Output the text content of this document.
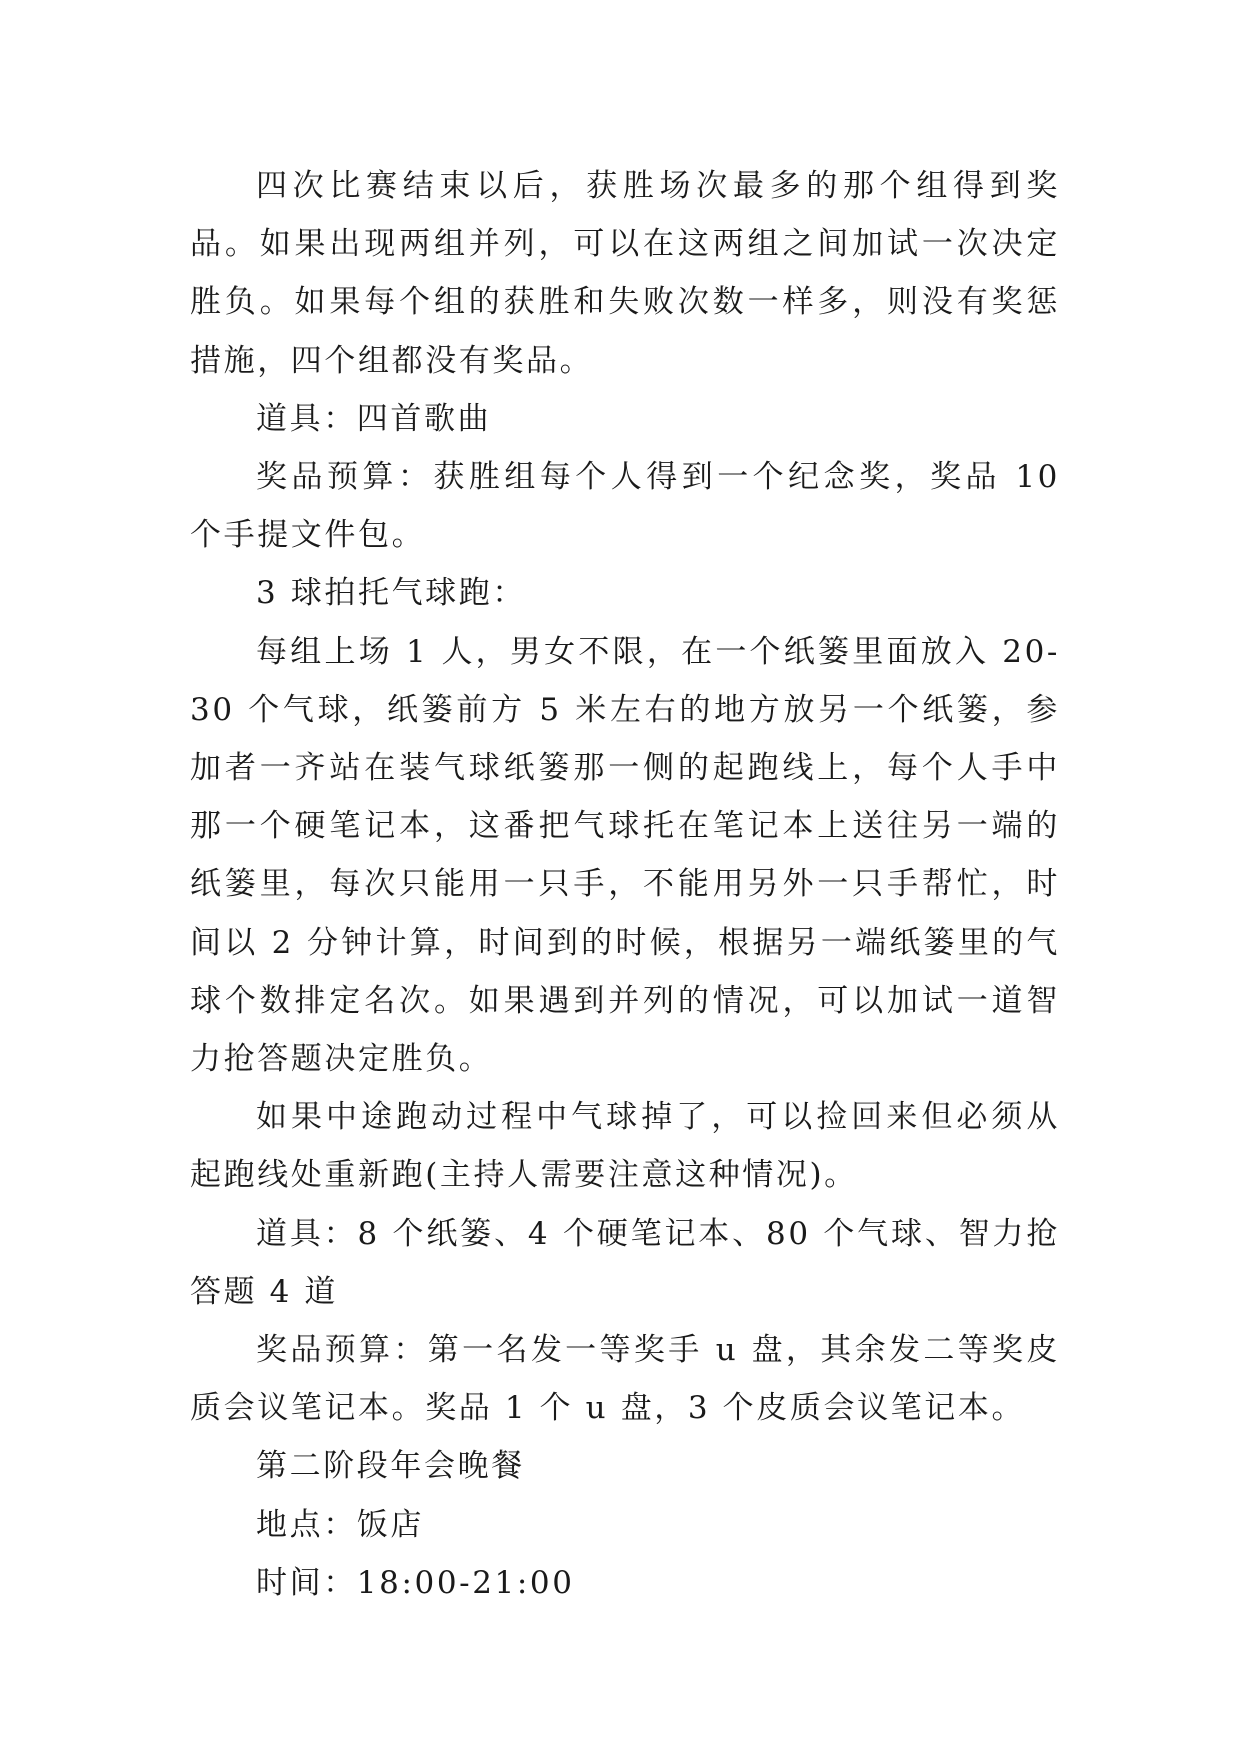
四次比赛结束以后，获胜场次最多的那个组得到奖品。如果出现两组并列，可以在这两组之间加试一次决定胜负。如果每个组的获胜和失败次数一样多，则没有奖惩措施，四个组都没有奖品。

道具：四首歌曲

奖品预算：获胜组每个人得到一个纪念奖，奖品 10 个手提文件包。

3 球拍托气球跑：

每组上场 1 人，男女不限，在一个纸篓里面放入 20-30 个气球，纸篓前方 5 米左右的地方放另一个纸篓，参加者一齐站在装气球纸篓那一侧的起跑线上，每个人手中那一个硬笔记本，这番把气球托在笔记本上送往另一端的纸篓里，每次只能用一只手，不能用另外一只手帮忙，时间以 2 分钟计算，时间到的时候，根据另一端纸篓里的气球个数排定名次。如果遇到并列的情况，可以加试一道智力抢答题决定胜负。

如果中途跑动过程中气球掉了，可以捡回来但必须从起跑线处重新跑(主持人需要注意这种情况)。

道具：8 个纸篓、4 个硬笔记本、80 个气球、智力抢答题 4 道

奖品预算：第一名发一等奖手 u 盘，其余发二等奖皮质会议笔记本。奖品 1 个 u 盘，3 个皮质会议笔记本。

第二阶段年会晚餐

地点：饭店

时间：18:00-21:00
